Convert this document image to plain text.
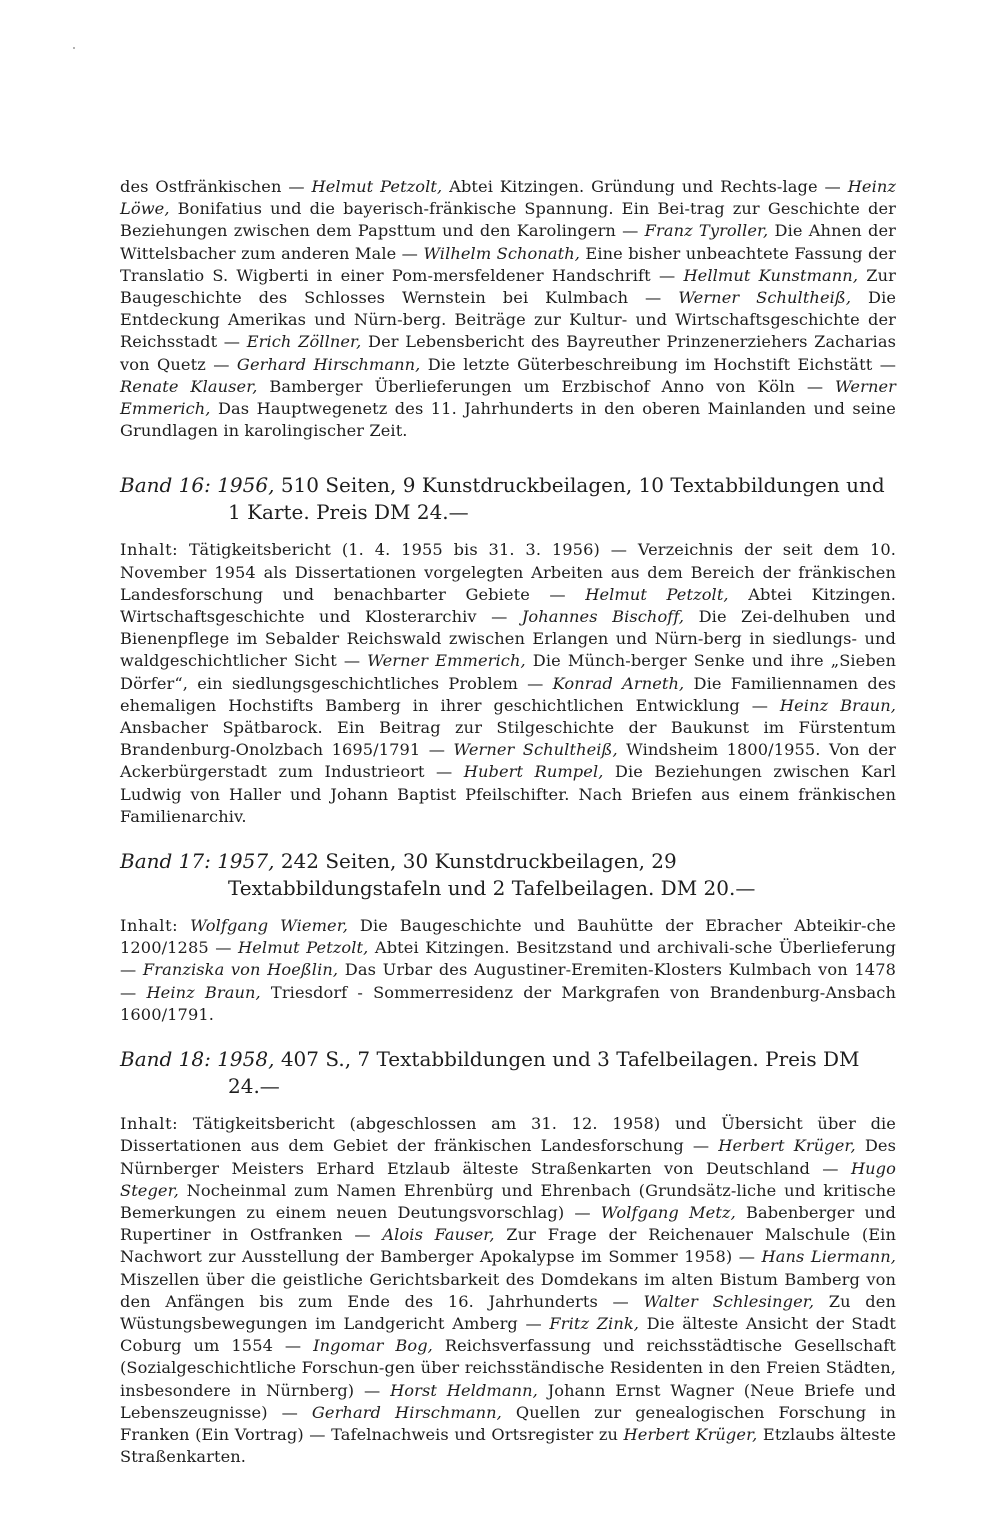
des Ostfränkischen — Helmut Petzolt, Abtei Kitzingen. Gründung und Rechts‑lage — Heinz Löwe, Bonifatius und die bayerisch‑fränkische Spannung. Ein Bei‑trag zur Geschichte der Beziehungen zwischen dem Papsttum und den Karolingern — Franz Tyroller, Die Ahnen der Wittelsbacher zum anderen Male — Wilhelm Schonath, Eine bisher unbeachtete Fassung der Translatio S. Wigberti in einer Pom‑mersfeldener Handschrift — Hellmut Kunstmann, Zur Baugeschichte des Schlosses Wernstein bei Kulmbach — Werner Schultheiß, Die Entdeckung Amerikas und Nürn‑berg. Beiträge zur Kultur‑ und Wirtschaftsgeschichte der Reichsstadt — Erich Zöllner, Der Lebensbericht des Bayreuther Prinzenerziehers Zacharias von Quetz — Gerhard Hirschmann, Die letzte Güterbeschreibung im Hochstift Eichstätt — Renate Klauser, Bamberger Überlieferungen um Erzbischof Anno von Köln — Werner Emmerich, Das Hauptwegenetz des 11. Jahrhunderts in den oberen Mainlanden und seine Grundlagen in karolingischer Zeit.

Band 16: 1956, 510 Seiten, 9 Kunstdruckbeilagen, 10 Textabbildungen und 1 Karte. Preis DM 24.—

Inhalt: Tätigkeitsbericht (1. 4. 1955 bis 31. 3. 1956) — Verzeichnis der seit dem 10. November 1954 als Dissertationen vorgelegten Arbeiten aus dem Bereich der fränkischen Landesforschung und benachbarter Gebiete — Helmut Petzolt, Abtei Kitzingen. Wirtschaftsgeschichte und Klosterarchiv — Johannes Bischoff, Die Zei‑delhuben und Bienenpflege im Sebalder Reichswald zwischen Erlangen und Nürn‑berg in siedlungs‑ und waldgeschichtlicher Sicht — Werner Emmerich, Die Münch‑berger Senke und ihre „Sieben Dörfer“, ein siedlungsgeschichtliches Problem — Konrad Arneth, Die Familiennamen des ehemaligen Hochstifts Bamberg in ihrer geschichtlichen Entwicklung — Heinz Braun, Ansbacher Spätbarock. Ein Beitrag zur Stilgeschichte der Baukunst im Fürstentum Brandenburg‑Onolzbach 1695/1791 — Werner Schultheiß, Windsheim 1800/1955. Von der Ackerbürgerstadt zum Industrieort — Hubert Rumpel, Die Beziehungen zwischen Karl Ludwig von Haller und Johann Baptist Pfeilschifter. Nach Briefen aus einem fränkischen Familienarchiv.

Band 17: 1957, 242 Seiten, 30 Kunstdruckbeilagen, 29 Textabbildungstafeln und 2 Tafelbeilagen. DM 20.—

Inhalt: Wolfgang Wiemer, Die Baugeschichte und Bauhütte der Ebracher Abteikir‑che 1200/1285 — Helmut Petzolt, Abtei Kitzingen. Besitzstand und archivali‑sche Überlieferung — Franziska von Hoeßlin, Das Urbar des Augustiner‑Eremiten‑Klosters Kulmbach von 1478 — Heinz Braun, Triesdorf - Sommerresidenz der Markgrafen von Brandenburg‑Ansbach 1600/1791.

Band 18: 1958, 407 S., 7 Textabbildungen und 3 Tafelbeilagen. Preis DM 24.—

Inhalt: Tätigkeitsbericht (abgeschlossen am 31. 12. 1958) und Übersicht über die Dissertationen aus dem Gebiet der fränkischen Landesforschung — Herbert Krüger, Des Nürnberger Meisters Erhard Etzlaub älteste Straßenkarten von Deutschland — Hugo Steger, Nocheinmal zum Namen Ehrenbürg und Ehrenbach (Grundsätz‑liche und kritische Bemerkungen zu einem neuen Deutungsvorschlag) — Wolfgang Metz, Babenberger und Rupertiner in Ostfranken — Alois Fauser, Zur Frage der Reichenauer Malschule (Ein Nachwort zur Ausstellung der Bamberger Apokalypse im Sommer 1958) — Hans Liermann, Miszellen über die geistliche Gerichtsbarkeit des Domdekans im alten Bistum Bamberg von den Anfängen bis zum Ende des 16. Jahrhunderts — Walter Schlesinger, Zu den Wüstungsbewegungen im Landgericht Amberg — Fritz Zink, Die älteste Ansicht der Stadt Coburg um 1554 — Ingomar Bog, Reichsverfassung und reichsstädtische Gesellschaft (Sozialgeschichtliche Forschun‑gen über reichsständische Residenten in den Freien Städten, insbesondere in Nürnberg) — Horst Heldmann, Johann Ernst Wagner (Neue Briefe und Lebenszeugnisse) — Gerhard Hirschmann, Quellen zur genealogischen Forschung in Franken (Ein Vortrag) — Tafelnachweis und Ortsregister zu Herbert Krüger, Etzlaubs älteste Straßenkarten.
